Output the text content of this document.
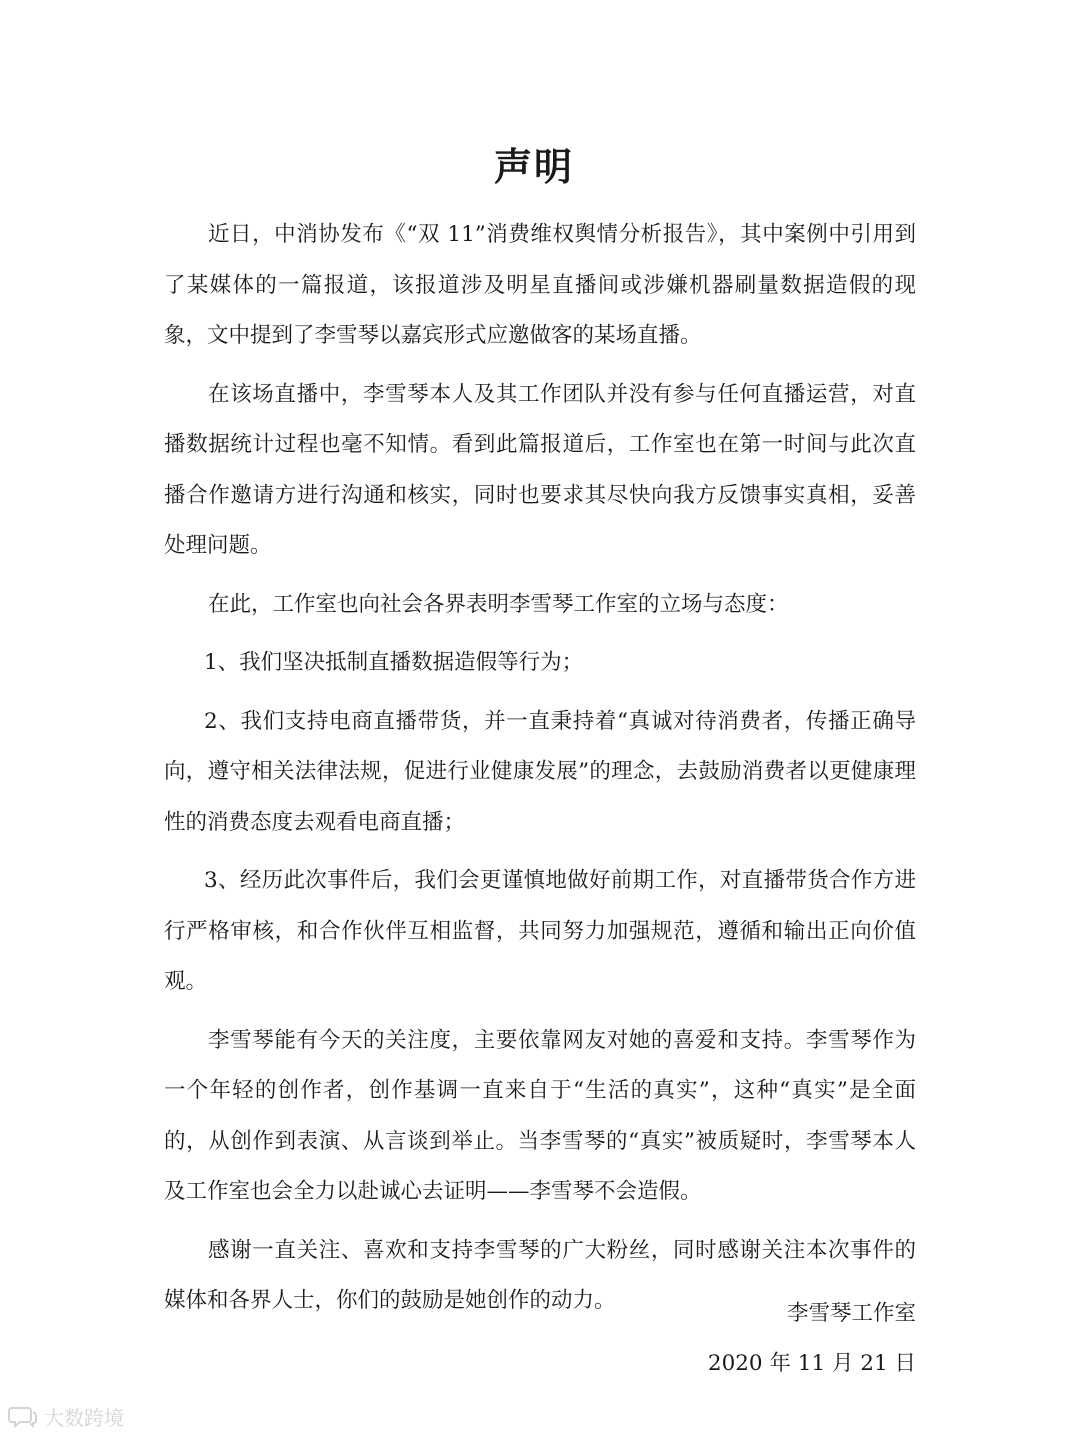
声明

近日，中消协发布《“双 11”消费维权舆情分析报告》，其中案例中引用到了某媒体的一篇报道，该报道涉及明星直播间或涉嫌机器刷量数据造假的现象，文中提到了李雪琴以嘉宾形式应邀做客的某场直播。

在该场直播中，李雪琴本人及其工作团队并没有参与任何直播运营，对直播数据统计过程也毫不知情。看到此篇报道后，工作室也在第一时间与此次直播合作邀请方进行沟通和核实，同时也要求其尽快向我方反馈事实真相，妥善处理问题。

在此，工作室也向社会各界表明李雪琴工作室的立场与态度：

1、我们坚决抵制直播数据造假等行为；

2、我们支持电商直播带货，并一直秉持着“真诚对待消费者，传播正确导向，遵守相关法律法规，促进行业健康发展”的理念，去鼓励消费者以更健康理性的消费态度去观看电商直播；

3、经历此次事件后，我们会更谨慎地做好前期工作，对直播带货合作方进行严格审核，和合作伙伴互相监督，共同努力加强规范，遵循和输出正向价值观。

李雪琴能有今天的关注度，主要依靠网友对她的喜爱和支持。李雪琴作为一个年轻的创作者，创作基调一直来自于“生活的真实”，这种“真实”是全面的，从创作到表演、从言谈到举止。当李雪琴的“真实”被质疑时，李雪琴本人及工作室也会全力以赴诚心去证明——李雪琴不会造假。

感谢一直关注、喜欢和支持李雪琴的广大粉丝，同时感谢关注本次事件的媒体和各界人士，你们的鼓励是她创作的动力。

李雪琴工作室
2020 年 11 月 21 日
大数跨境
